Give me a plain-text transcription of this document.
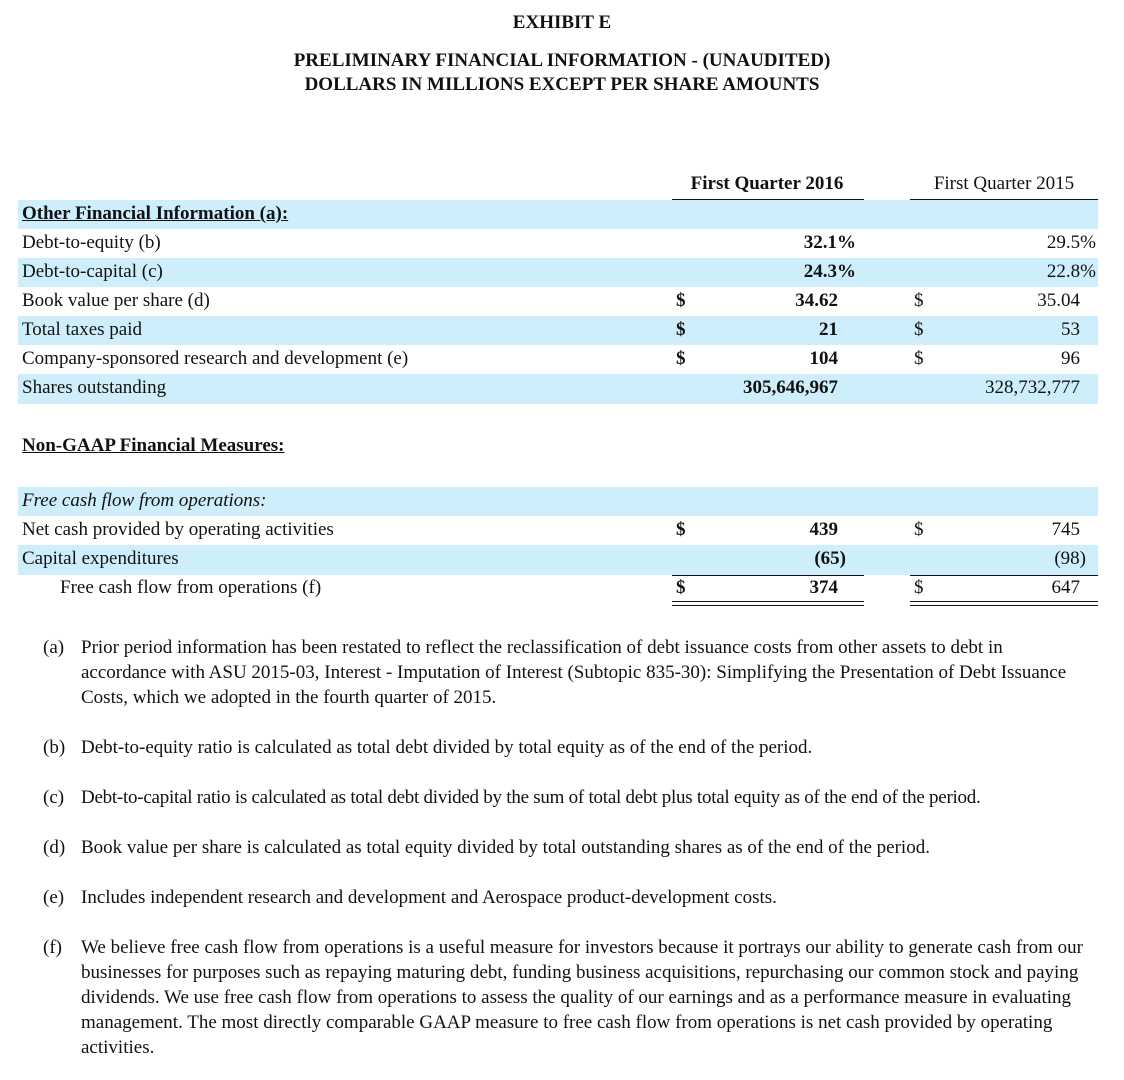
EXHIBIT E
PRELIMINARY FINANCIAL INFORMATION - (UNAUDITED)
DOLLARS IN MILLIONS EXCEPT PER SHARE AMOUNTS
First Quarter 2016	First Quarter 2015
Other Financial Information (a):
Debt-to-equity (b)	32.1%	29.5%
Debt-to-capital (c)	24.3%	22.8%
Book value per share (d)	$	34.62	$	35.04
Total taxes paid	$	21	$	53
Company-sponsored research and development (e)	$	104	$	96
Shares outstanding	305,646,967	328,732,777
Non-GAAP Financial Measures:
Free cash flow from operations:
Net cash provided by operating activities	$	439	$	745
Capital expenditures	(65)	(98)
Free cash flow from operations (f)	$	374	$	647
(a) Prior period information has been restated to reflect the reclassification of debt issuance costs from other assets to debt in accordance with ASU 2015-03, Interest - Imputation of Interest (Subtopic 835-30): Simplifying the Presentation of Debt Issuance Costs, which we adopted in the fourth quarter of 2015.
(b) Debt-to-equity ratio is calculated as total debt divided by total equity as of the end of the period.
(c) Debt-to-capital ratio is calculated as total debt divided by the sum of total debt plus total equity as of the end of the period.
(d) Book value per share is calculated as total equity divided by total outstanding shares as of the end of the period.
(e) Includes independent research and development and Aerospace product-development costs.
(f) We believe free cash flow from operations is a useful measure for investors because it portrays our ability to generate cash from our businesses for purposes such as repaying maturing debt, funding business acquisitions, repurchasing our common stock and paying dividends. We use free cash flow from operations to assess the quality of our earnings and as a performance measure in evaluating management. The most directly comparable GAAP measure to free cash flow from operations is net cash provided by operating activities.
